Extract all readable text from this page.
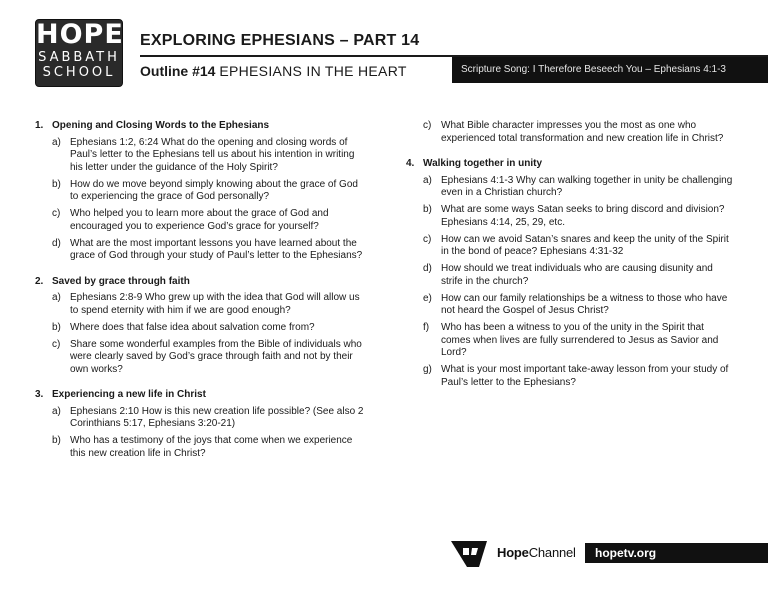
HOPE
SABBATH
SCHOOL
EXPLORING EPHESIANS – PART 14
Outline #14 EPHESIANS IN THE HEART	Scripture Song: I Therefore Beseech You – Ephesians 4:1-3
1. Opening and Closing Words to the Ephesians
a) Ephesians 1:2, 6:24 What do the opening and closing words of Paul’s letter to the Ephesians tell us about his intention in writing his letter under the guidance of the Holy Spirit?
b) How do we move beyond simply knowing about the grace of God to experiencing the grace of God personally?
c) Who helped you to learn more about the grace of God and encouraged you to experience God’s grace for yourself?
d) What are the most important lessons you have learned about the grace of God through your study of Paul’s letter to the Ephesians?
2. Saved by grace through faith
a) Ephesians 2:8-9 Who grew up with the idea that God will allow us to spend eternity with him if we are good enough?
b) Where does that false idea about salvation come from?
c) Share some wonderful examples from the Bible of individuals who were clearly saved by God’s grace through faith and not by their own works?
3. Experiencing a new life in Christ
a) Ephesians 2:10 How is this new creation life possible? (See also 2 Corinthians 5:17, Ephesians 3:20-21)
b) Who has a testimony of the joys that come when we experience this new creation life in Christ?
c) What Bible character impresses you the most as one who experienced total transformation and new creation life in Christ?
4. Walking together in unity
a) Ephesians 4:1-3 Why can walking together in unity be challenging even in a Christian church?
b) What are some ways Satan seeks to bring discord and division? Ephesians 4:14, 25, 29, etc.
c) How can we avoid Satan’s snares and keep the unity of the Spirit in the bond of peace? Ephesians 4:31-32
d) How should we treat individuals who are causing disunity and strife in the church?
e) How can our family relationships be a witness to those who have not heard the Gospel of Jesus Christ?
f)	Who has been a witness to you of the unity in the Spirit that comes when lives are fully surrendered to Jesus as Savior and Lord?
g) What is your most important take-away lesson from your study of Paul’s letter to the Ephesians?
HopeChannel	hopetv.org
